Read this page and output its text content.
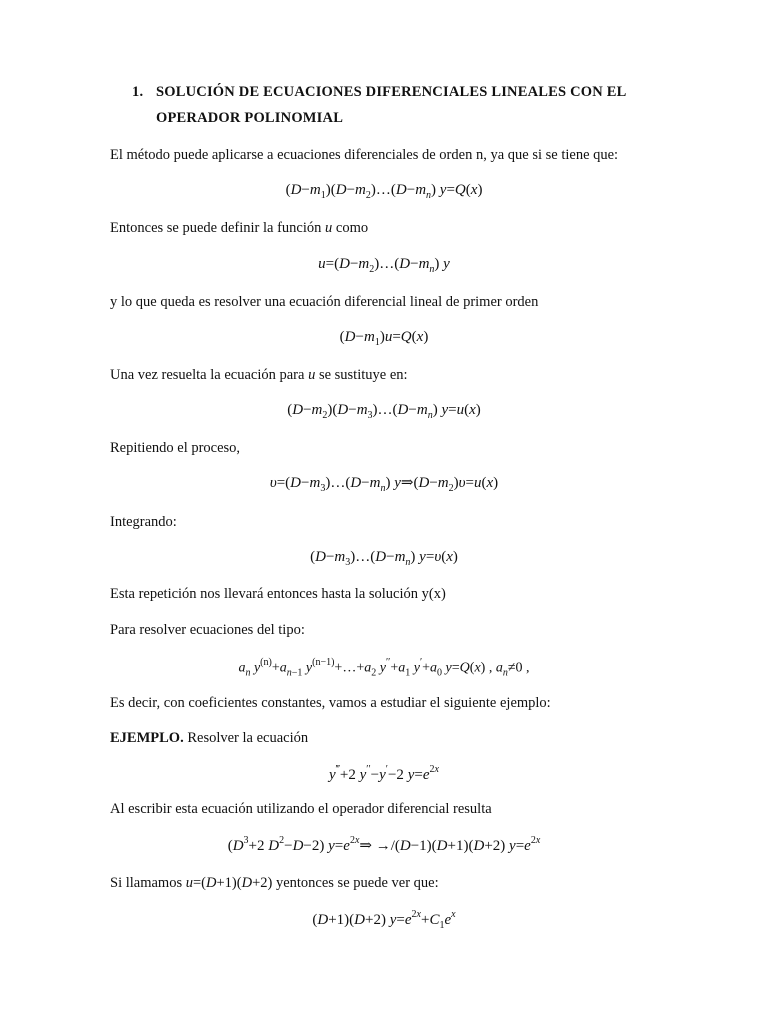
1. SOLUCIÓN DE ECUACIONES DIFERENCIALES LINEALES CON EL
OPERADOR POLINOMIAL
El método puede aplicarse a ecuaciones diferenciales de orden n, ya que si se tiene que:
$(D-m_1)(D-m_2)\dots(D-m_n)$ y=Q(x)
Entonces se puede definir la función u como
$u=(D-m_2)\dots(D-m_n)$ y
y lo que queda es resolver una ecuación diferencial lineal de primer orden
$(D-m_1)u=Q(x)$
Una vez resuelta la ecuación para u se sustituye en:
$(D-m_2)(D-m_3)\dots(D-m_n)$ y=u(x)
Repitiendo el proceso,
$\upsilon=(D-m_3)\dots(D-m_n)$ $y\Rightarrow(D-m_2)\upsilon=u(x)$
Integrando:
$(D-m_3)\dots(D-m_n)$ y=υ(x)
Esta repetición nos llevará entonces hasta la solución y(x)
Para resolver ecuaciones del tipo:
$a_n$ $y^{(n)}+a_{n-1}$ $y^{(n-1)}+\dots+a_2$ $y''+a_1$ $y'+a_0$ y=Q(x) , $a_n\ne 0$ ,
Es decir, con coeficientes constantes, vamos a estudiar el siguiente ejemplo:
EJEMPLO. Resolver la ecuación
y‴+2 y′′−y′−2 $y=e^{2x}$
Al escribir esta ecuación utilizando el operador diferencial resulta
($D^3+2$ $D^2-D-2$) $y=e^{2x}\Rightarrow \to/(D-1)(D+1)(D+2)$ $y=e^{2x}$
Si llamamos u=(D+1)(D+2) yentonces se puede ver que:
(D+1)(D+2) $y=e^{2x}+C_1e^x$
